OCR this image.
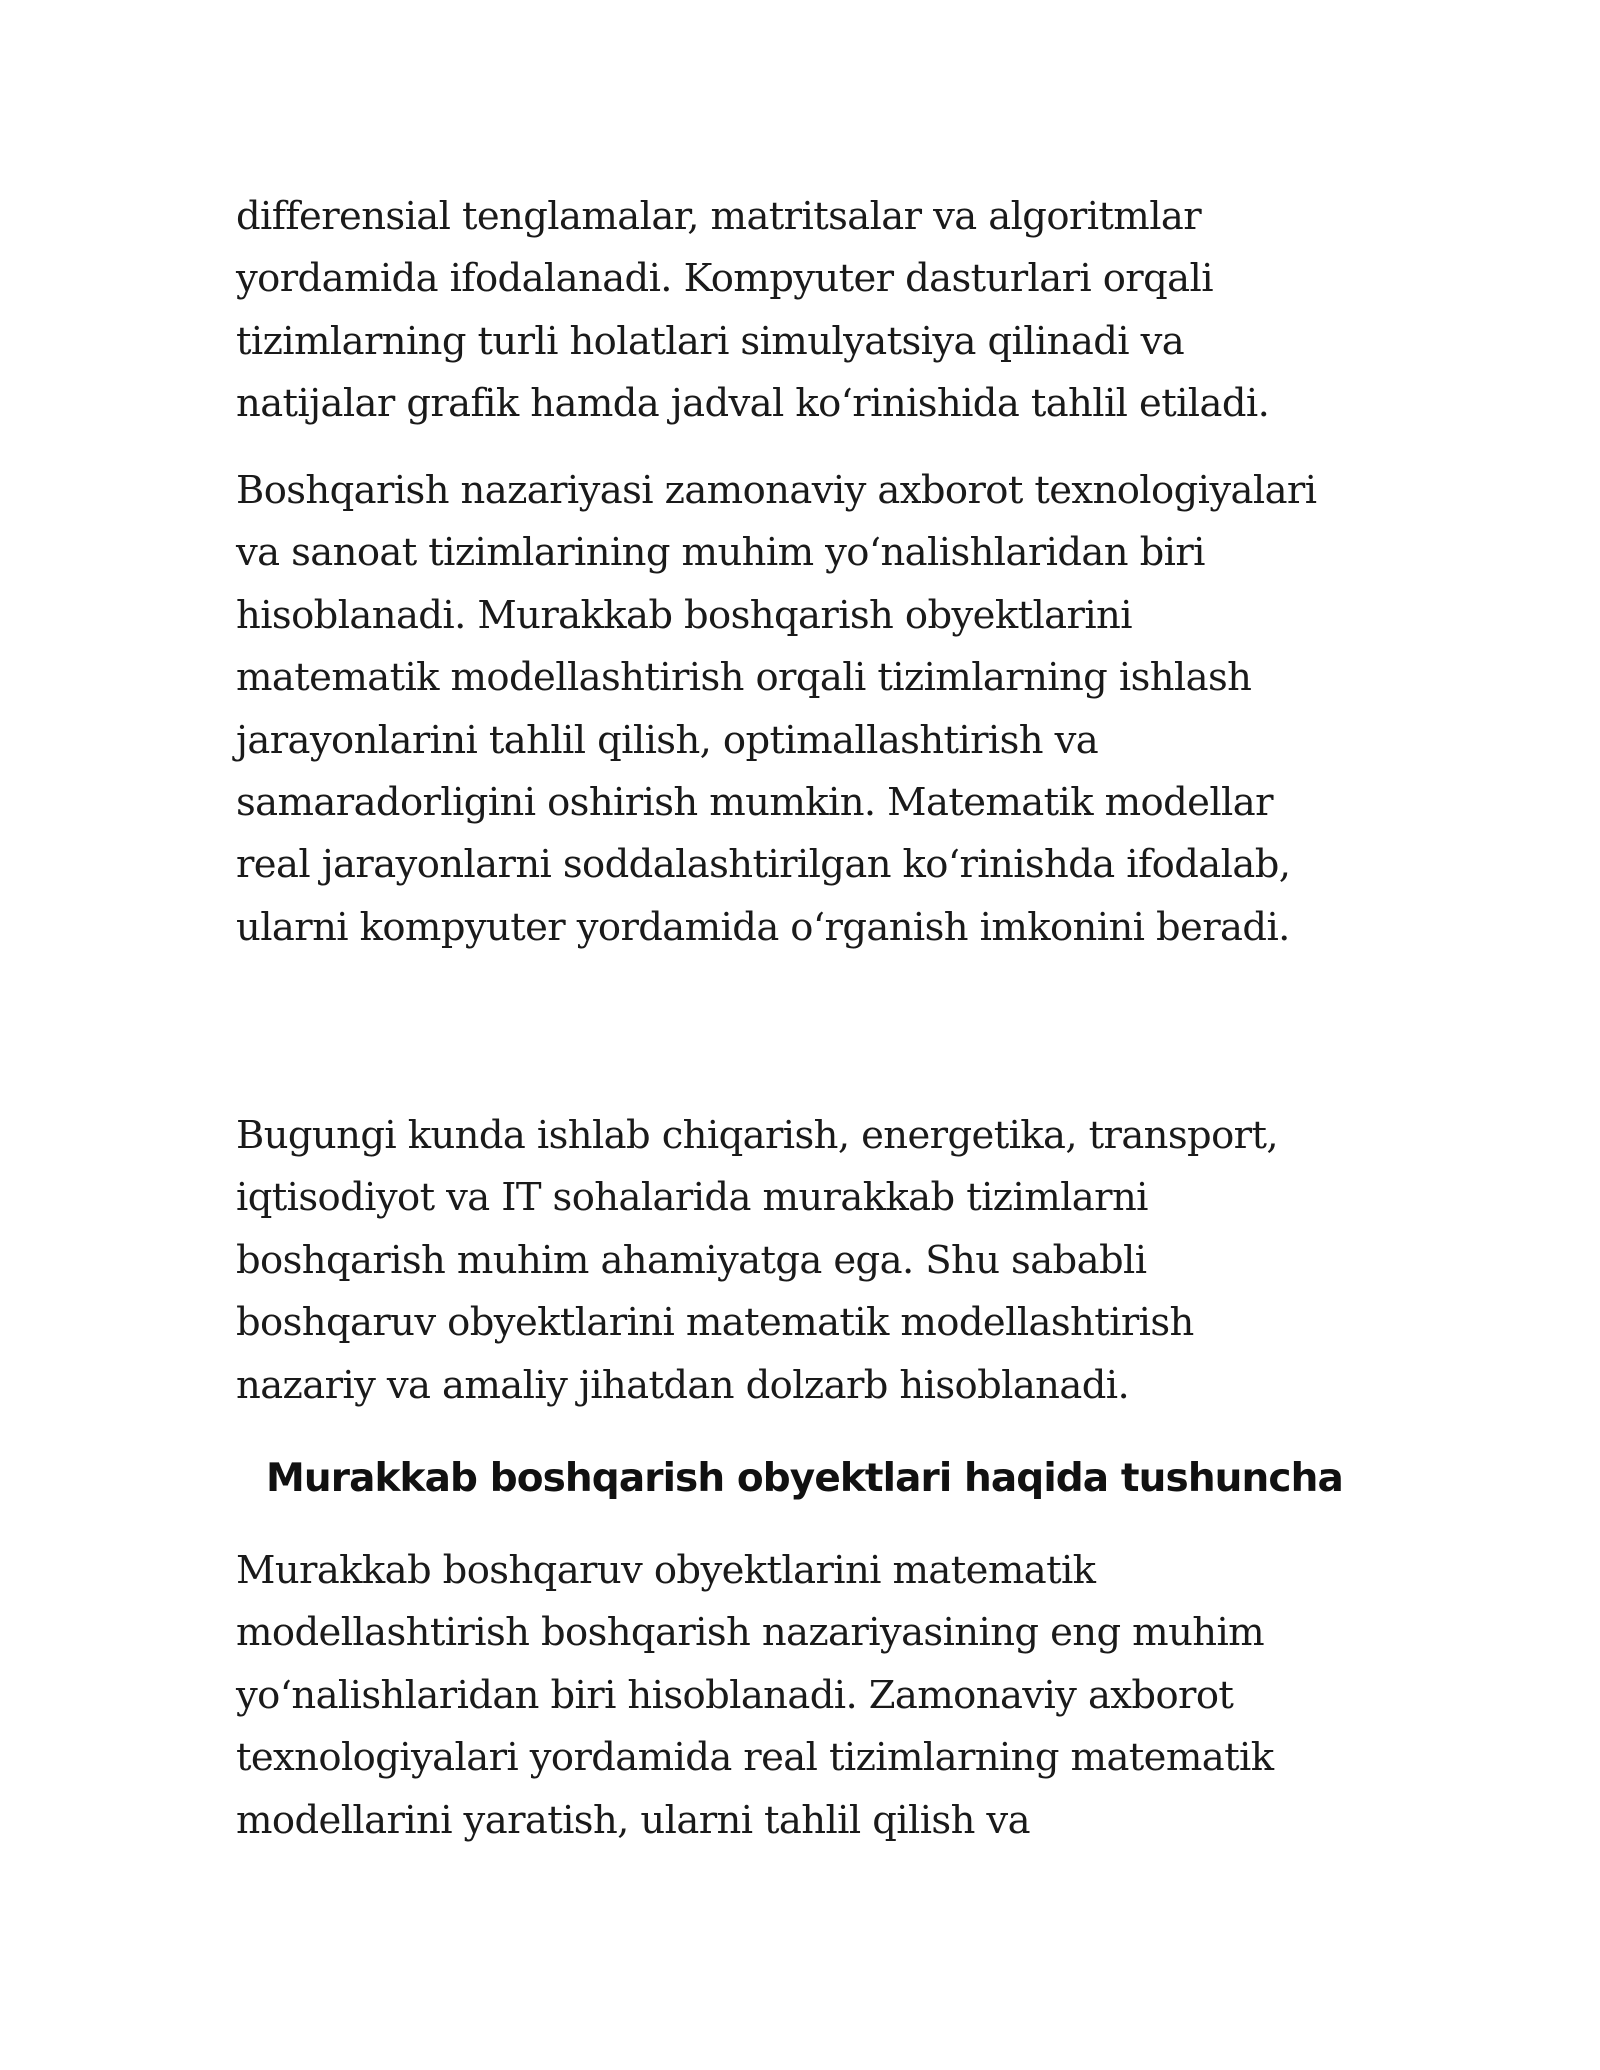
differensial tenglamalar, matritsalar va algoritmlar
yordamida ifodalanadi. Kompyuter dasturlari orqali
tizimlarning turli holatlari simulyatsiya qilinadi va
natijalar grafik hamda jadval ko‘rinishida tahlil etiladi.

Boshqarish nazariyasi zamonaviy axborot texnologiyalari
va sanoat tizimlarining muhim yo‘nalishlaridan biri
hisoblanadi. Murakkab boshqarish obyektlarini
matematik modellashtirish orqali tizimlarning ishlash
jarayonlarini tahlil qilish, optimallashtirish va
samaradorligini oshirish mumkin. Matematik modellar
real jarayonlarni soddalashtirilgan ko‘rinishda ifodalab,
ularni kompyuter yordamida o‘rganish imkonini beradi.

Bugungi kunda ishlab chiqarish, energetika, transport,
iqtisodiyot va IT sohalarida murakkab tizimlarni
boshqarish muhim ahamiyatga ega. Shu sababli
boshqaruv obyektlarini matematik modellashtirish
nazariy va amaliy jihatdan dolzarb hisoblanadi.

Murakkab boshqarish obyektlari haqida tushuncha

Murakkab boshqaruv obyektlarini matematik
modellashtirish boshqarish nazariyasining eng muhim
yo‘nalishlaridan biri hisoblanadi. Zamonaviy axborot
texnologiyalari yordamida real tizimlarning matematik
modellarini yaratish, ularni tahlil qilish va
